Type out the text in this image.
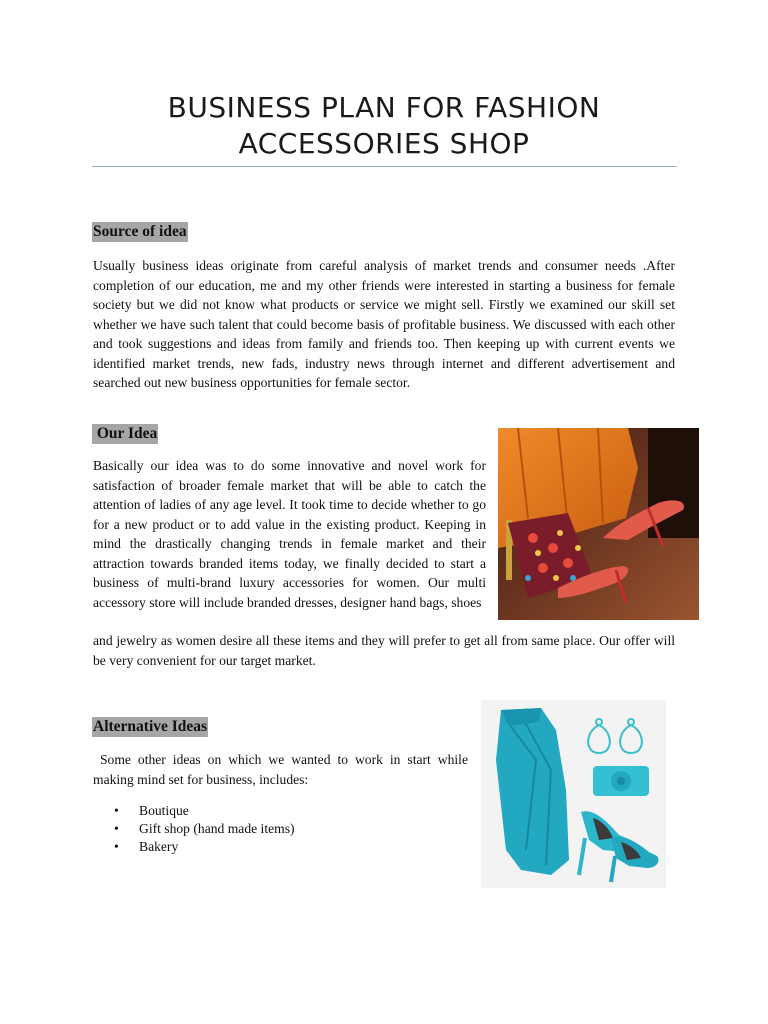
BUSINESS PLAN FOR FASHION
ACCESSORIES SHOP
Source of idea

Usually business ideas originate from careful analysis of market trends and consumer needs .After completion of our education, me and my other friends were interested in starting a business for female society but we did not know what products or service we might sell. Firstly we examined our skill set whether we have such talent that could become basis of profitable business. We discussed with each other and took suggestions and ideas from family and friends too. Then keeping up with current events we identified market trends, new fads, industry news through internet and different advertisement and searched out new business opportunities for female sector.

Our Idea

Basically our idea was to do some innovative and novel work for satisfaction of broader female market that will be able to catch the attention of ladies of any age level. It took time to decide whether to go for a new product or to add value in the existing product. Keeping in mind the drastically changing trends in female market and their attraction towards branded items today, we finally decided to start a business of multi-brand luxury accessories for women. Our multi accessory store will include branded dresses, designer hand bags, shoes

and jewelry as women desire all these items and they will prefer to get all from same place. Our offer will be very convenient for our target market.

Alternative Ideas

Some other ideas on which we wanted to work in start while making mind set for business, includes:

• Boutique
• Gift shop (hand made items)
• Bakery
